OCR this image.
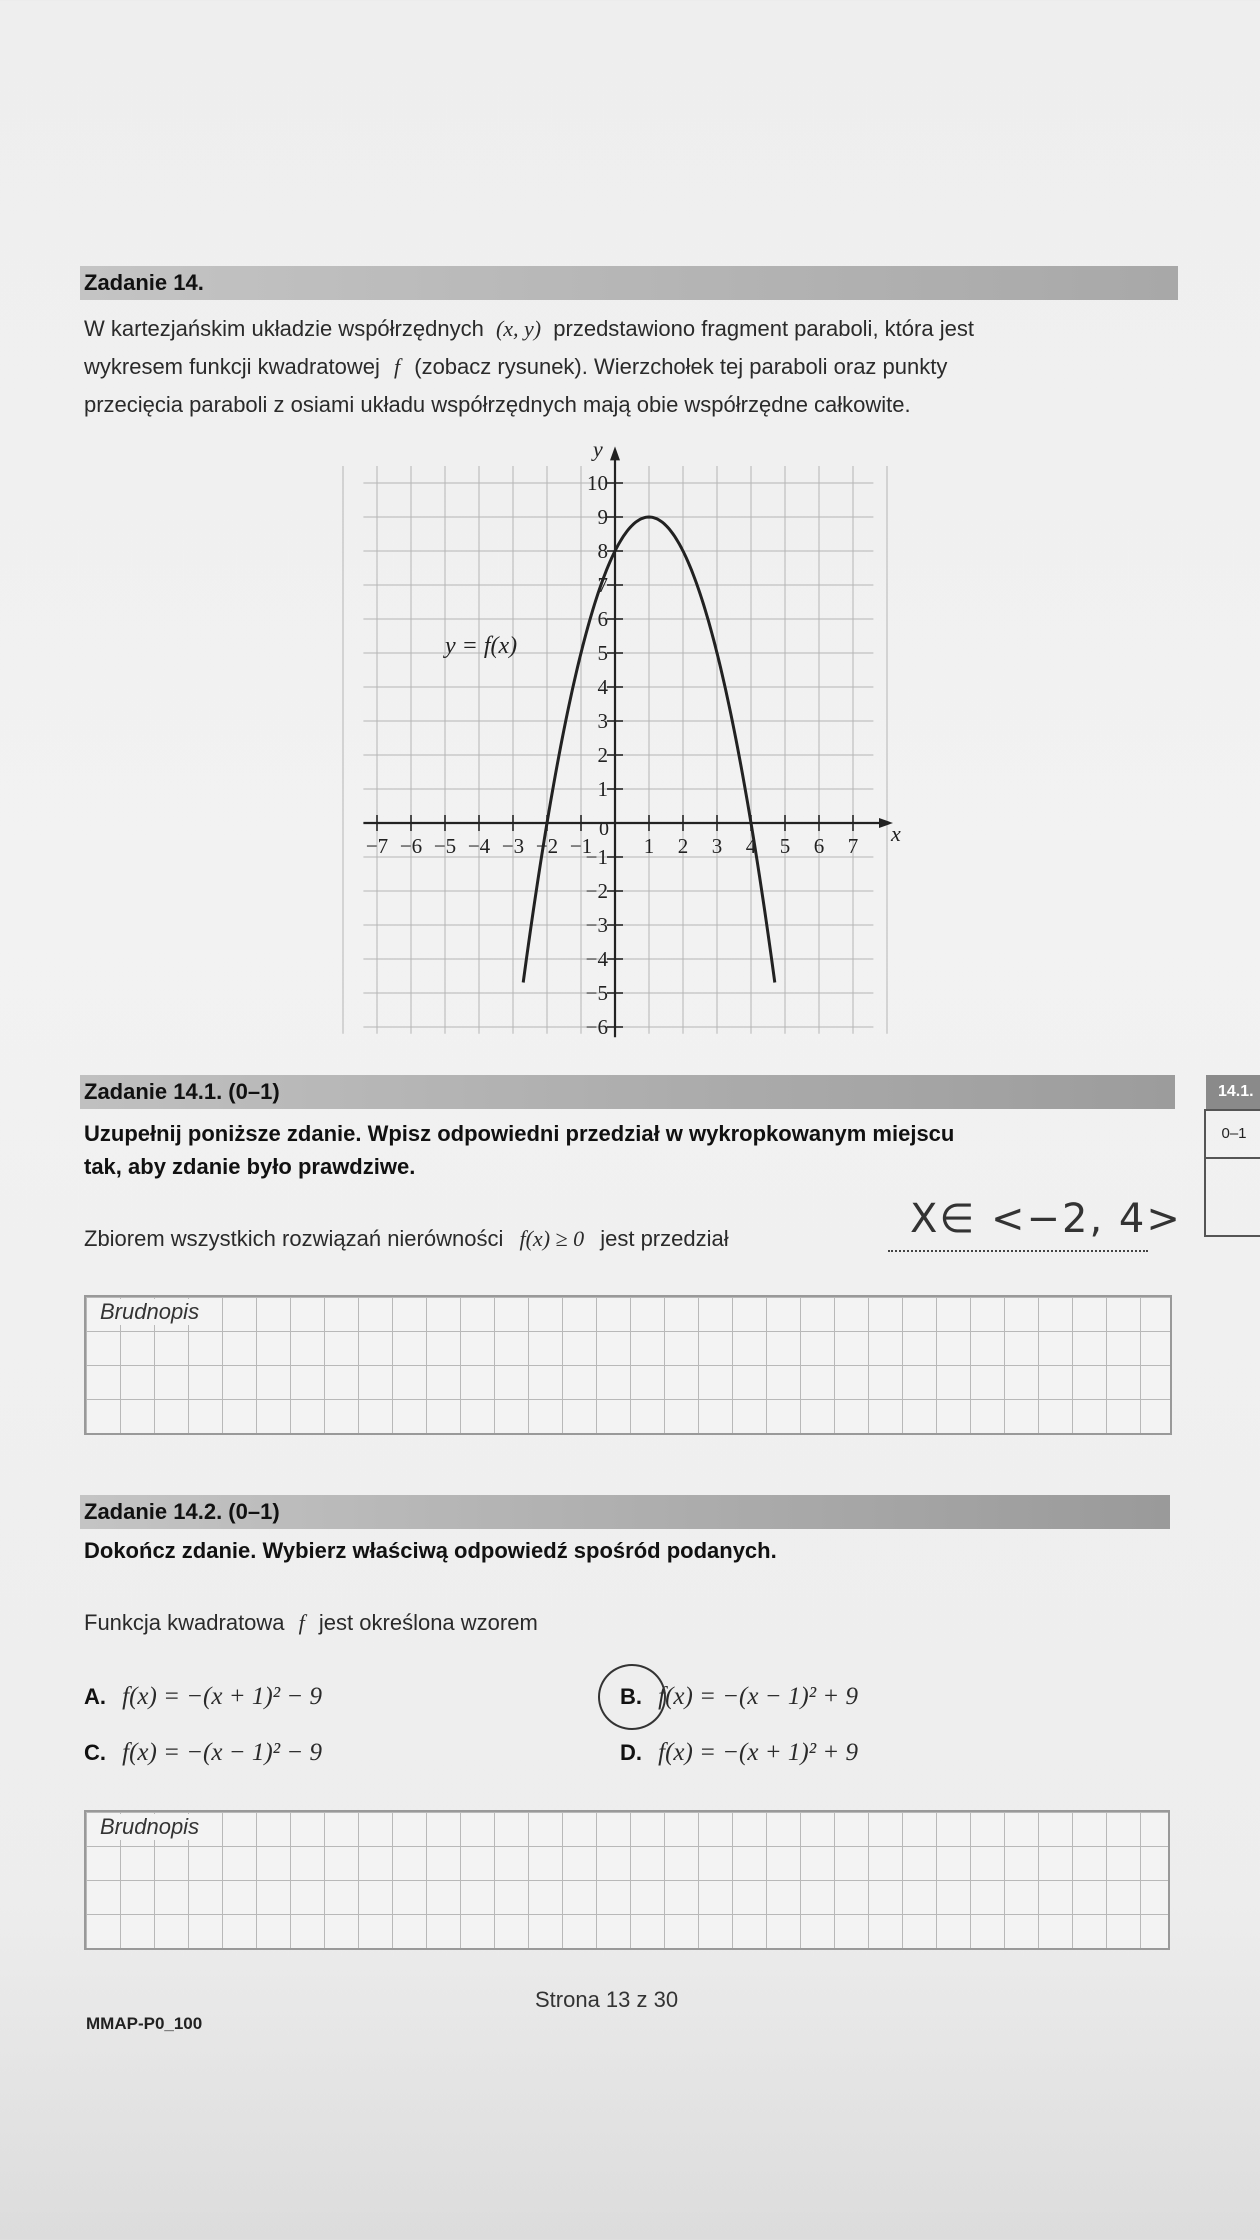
Zadanie 14.
W kartezjańskim układzie współrzędnych (x, y) przedstawiono fragment paraboli, która jest
wykresem funkcji kwadratowej f (zobacz rysunek). Wierzchołek tej paraboli oraz punkty
przecięcia paraboli z osiami układu współrzędnych mają obie współrzędne całkowite.
−7 −6 −5 −4 −3 −2 −1 1 2 3 4 5 6 7
10
9
8
7
6
5
4
3
2
1
−1
−2
−3
−4
−5
−6
y = f(x)
x
y
0
Zadanie 14.1. (0–1)	14.1.
0–1
Uzupełnij poniższe zdanie. Wpisz odpowiedni przedział w wykropkowanym miejscu
tak, aby zdanie było prawdziwe.
Zbiorem wszystkich rozwiązań nierówności f(x) ≥ 0 jest przedział	X∈ <−2, 4>
Brudnopis
Zadanie 14.2. (0–1)
Dokończ zdanie. Wybierz właściwą odpowiedź spośród podanych.
Funkcja kwadratowa f jest określona wzorem
A. f(x) = −(x + 1)² − 9	B. f(x) = −(x − 1)² + 9
C. f(x) = −(x − 1)² − 9	D. f(x) = −(x + 1)² + 9
Brudnopis
Strona 13 z 30
MMAP-P0_100
